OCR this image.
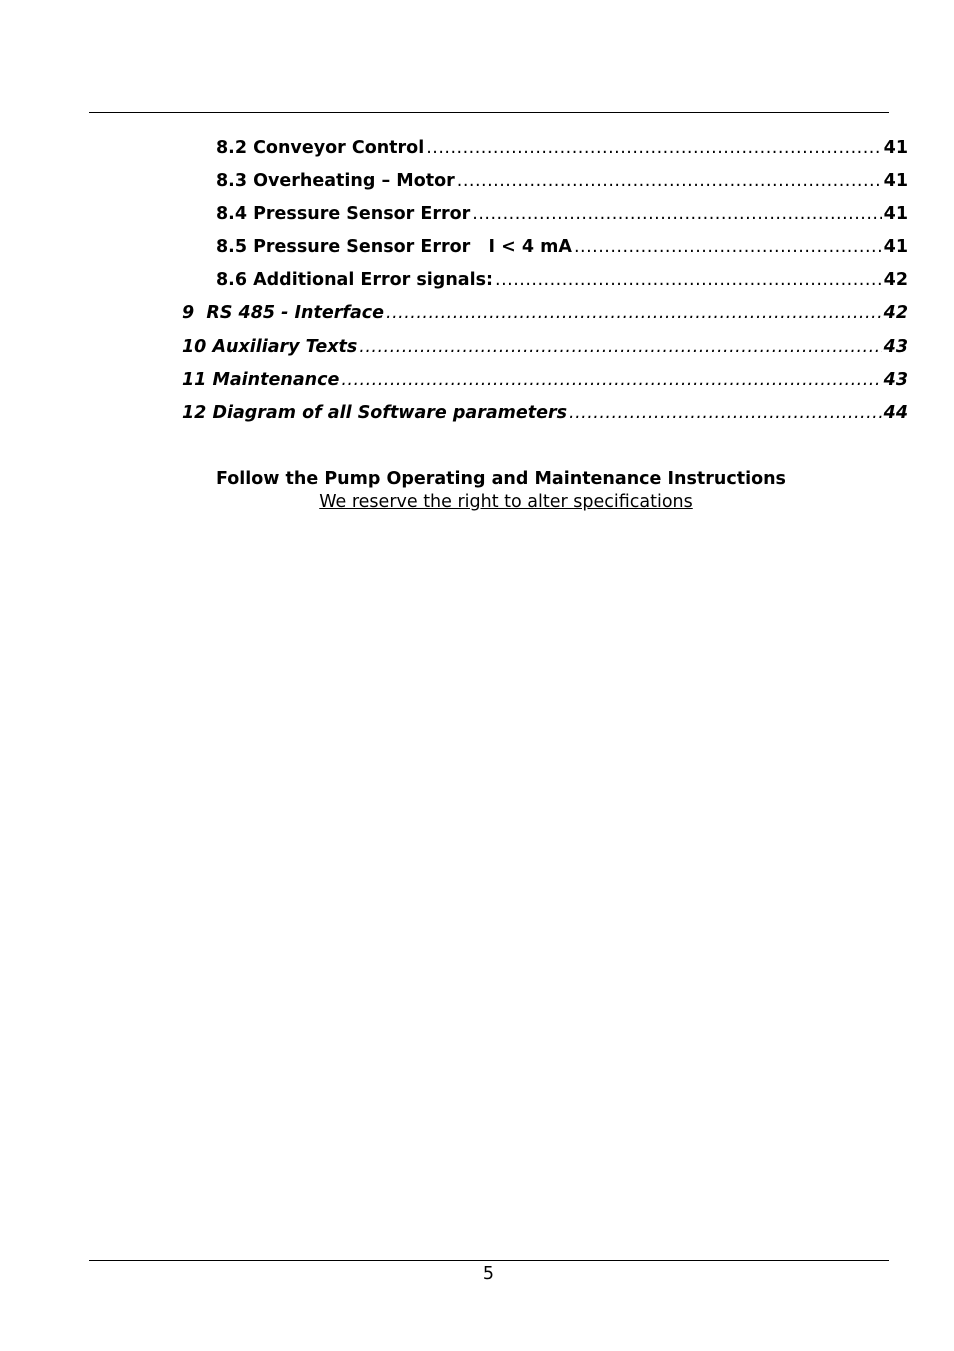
8.2 Conveyor Control .....	41
8.3 Overheating – Motor .....	41
8.4 Pressure Sensor Error .....	41
8.5 Pressure Sensor Error   I < 4 mA .....	41
8.6 Additional Error signals: .....	42
9  RS 485 - Interface .....	42
10 Auxiliary Texts .....	43
11 Maintenance .....	43
12 Diagram of all Software parameters .....	44
Follow the Pump Operating and Maintenance Instructions
We reserve the right to alter specifications
5
